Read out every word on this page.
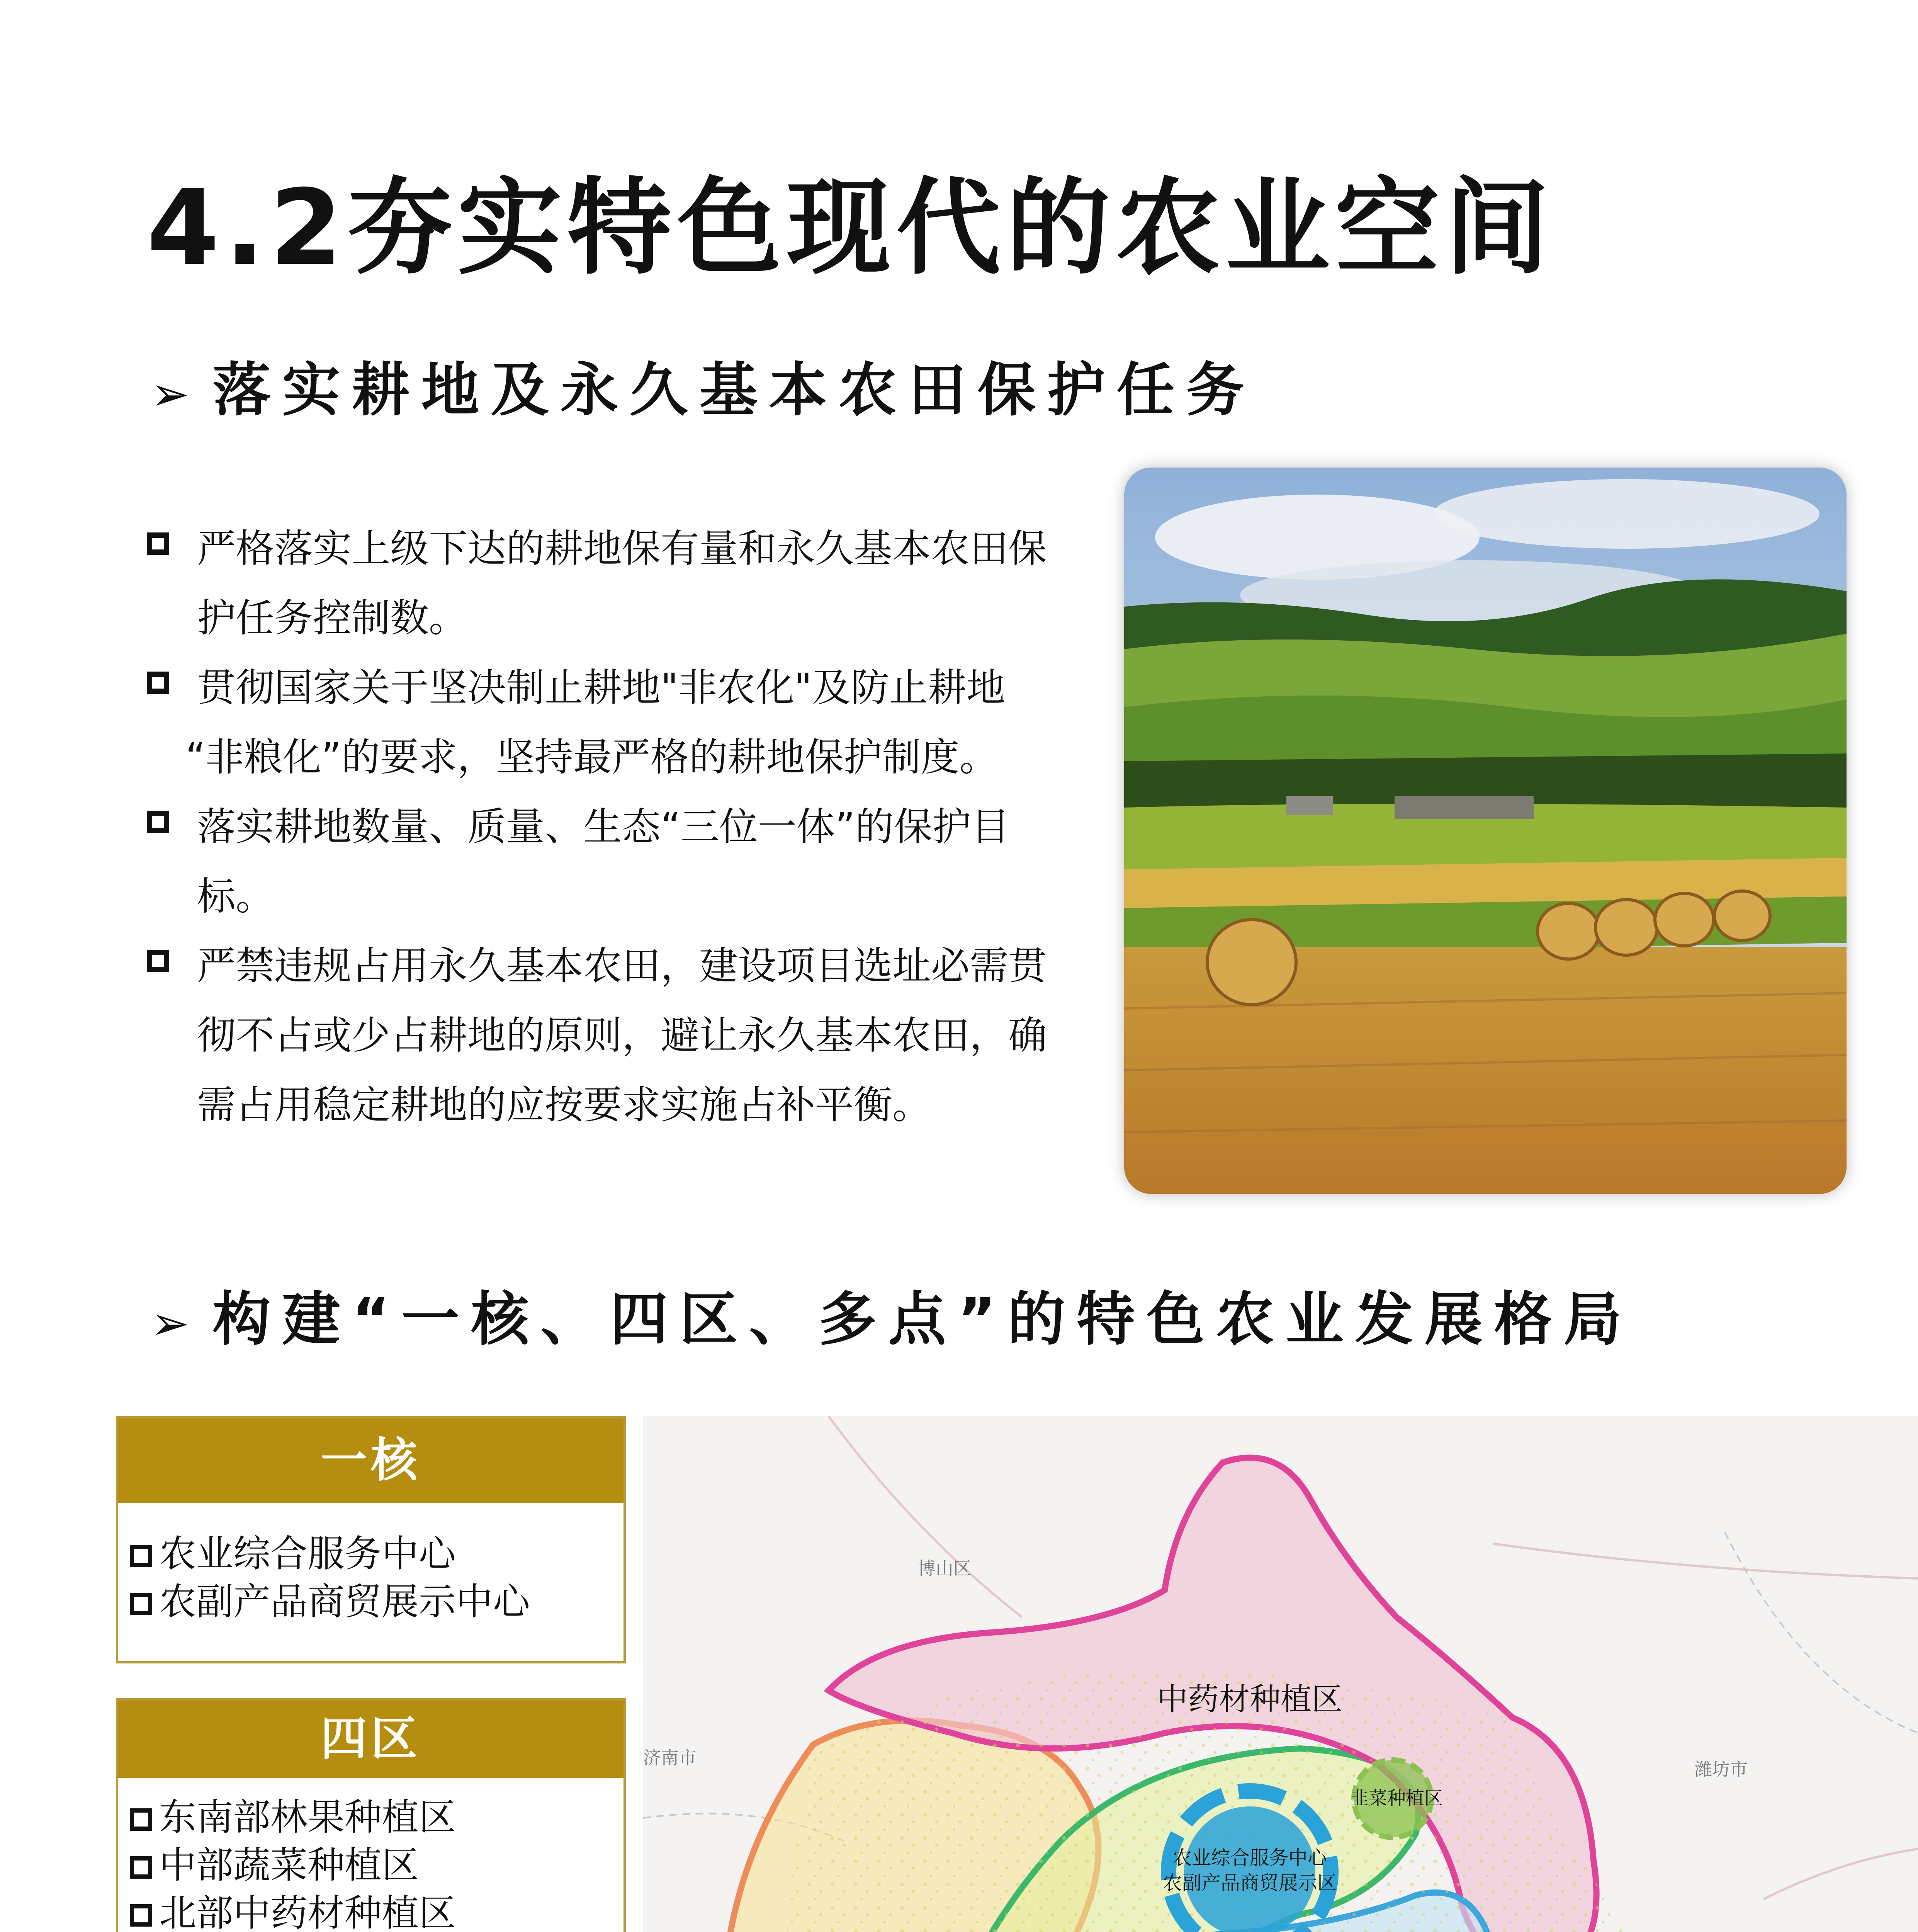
4.2夯实特色现代的农业空间
➢ 落实耕地及永久基本农田保护任务
严格落实上级下达的耕地保有量和永久基本农田保
护任务控制数。
贯彻国家关于坚决制止耕地"非农化"及防止耕地
“非粮化”的要求，坚持最严格的耕地保护制度。
落实耕地数量、质量、生态“三位一体”的保护目
标。
严禁违规占用永久基本农田，建设项目选址必需贯
彻不占或少占耕地的原则，避让永久基本农田，确
需占用稳定耕地的应按要求实施占补平衡。
➢ 构建“一核、四区、多点”的特色农业发展格局
一核
农业综合服务中心
农副产品商贸展示中心
四区
东南部林果种植区
中部蔬菜种植区
北部中药材种植区
农业综合服务中心
农副产品商贸展示区
中药材种植区
韭菜种植区
博山区
济南市
潍坊市
